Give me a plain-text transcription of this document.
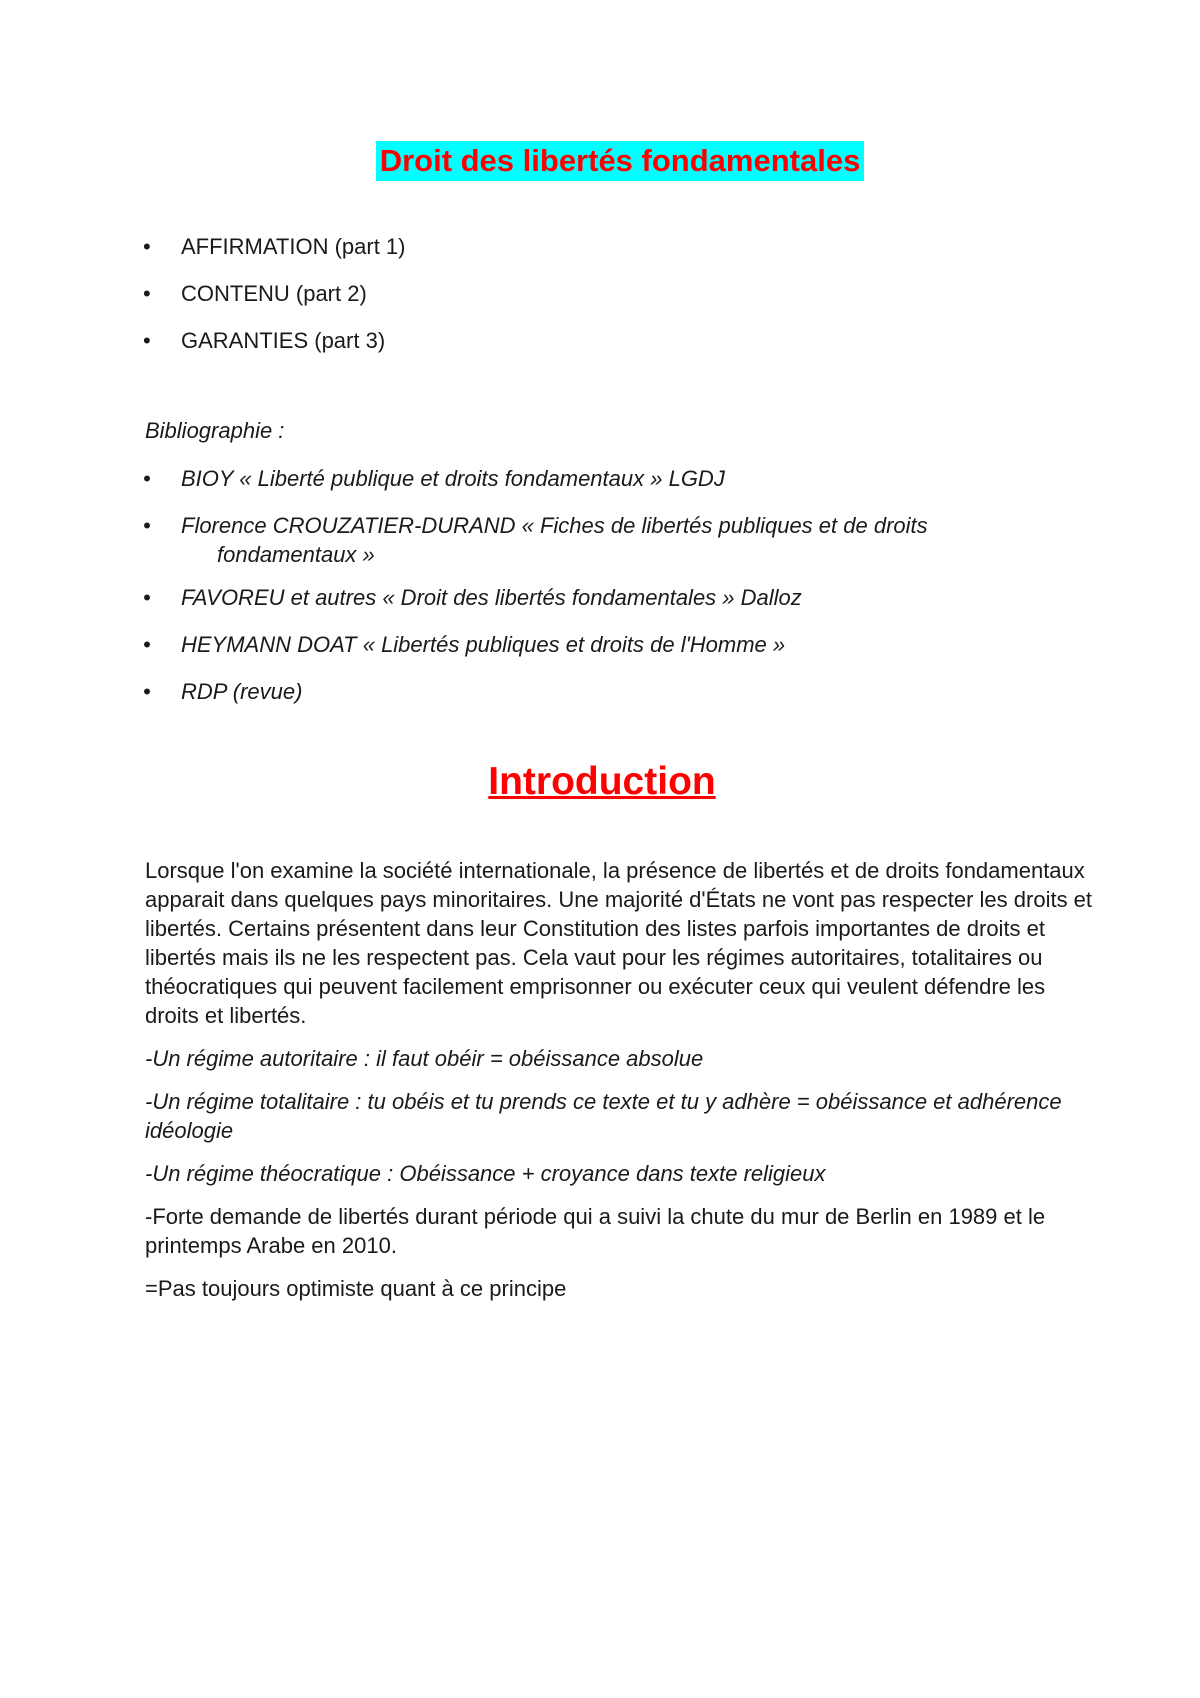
Droit des libertés fondamentales
• AFFIRMATION (part 1)
• CONTENU (part 2)
• GARANTIES (part 3)
Bibliographie :
• BIOY « Liberté publique et droits fondamentaux » LGDJ
• Florence CROUZATIER-DURAND « Fiches de libertés publiques et de droits
fondamentaux »
• FAVOREU et autres « Droit des libertés fondamentales » Dalloz
• HEYMANN DOAT « Libertés publiques et droits de l'Homme »
• RDP (revue)
Introduction

Lorsque l'on examine la société internationale, la présence de libertés et de droits fondamentaux apparait dans quelques pays minoritaires. Une majorité d'États ne vont pas respecter les droits et libertés. Certains présentent dans leur Constitution des listes parfois importantes de droits et libertés mais ils ne les respectent pas. Cela vaut pour les régimes autoritaires, totalitaires ou théocratiques qui peuvent facilement emprisonner ou exécuter ceux qui veulent défendre les droits et libertés.

-Un régime autoritaire : il faut obéir = obéissance absolue

-Un régime totalitaire : tu obéis et tu prends ce texte et tu y adhère = obéissance et adhérence idéologie

-Un régime théocratique : Obéissance + croyance dans texte religieux

-Forte demande de libertés durant période qui a suivi la chute du mur de Berlin en 1989 et le printemps Arabe en 2010.

=Pas toujours optimiste quant à ce principe
